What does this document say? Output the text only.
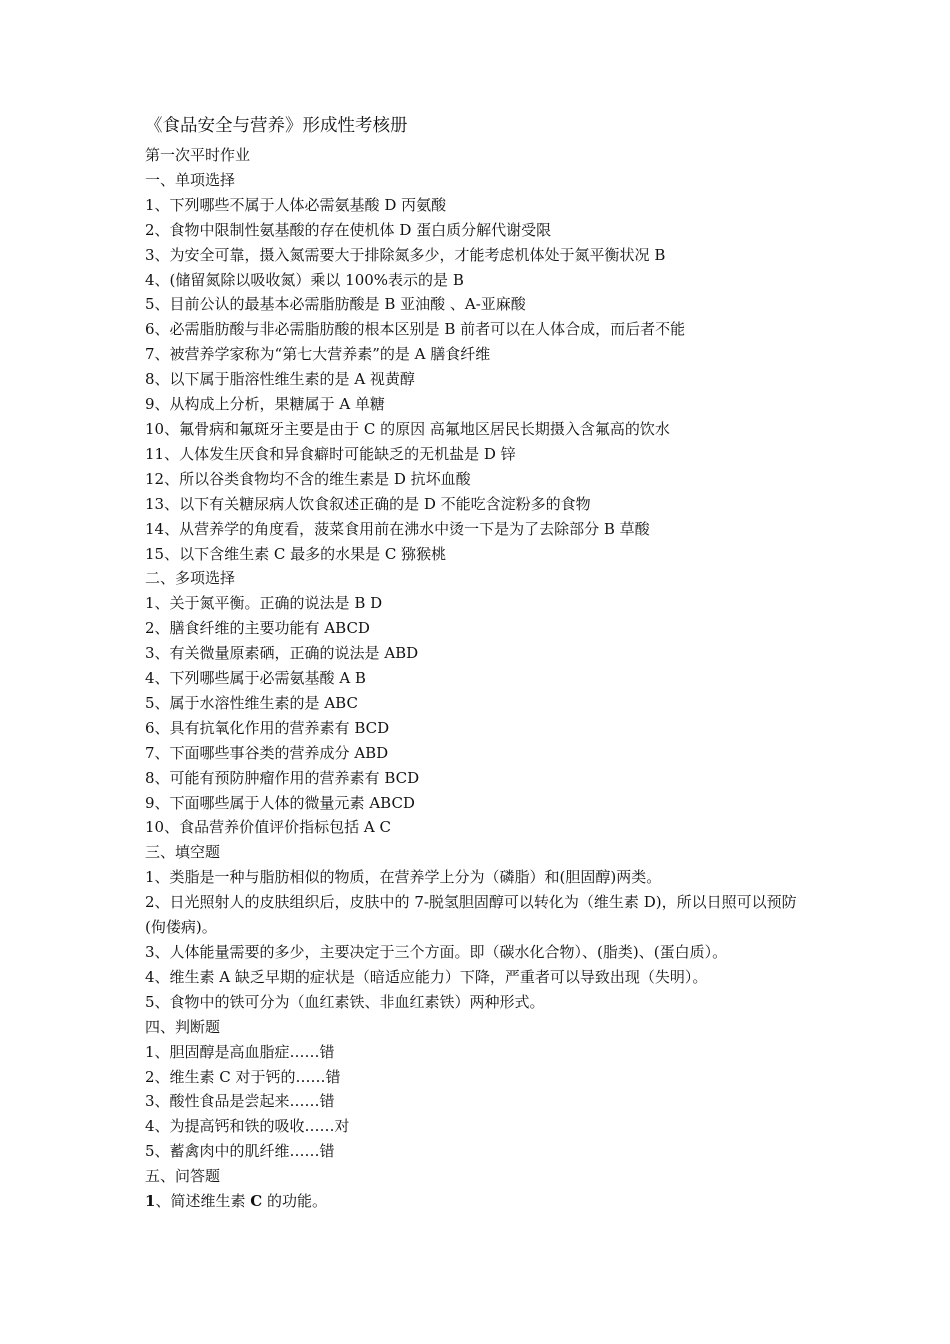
《食品安全与营养》形成性考核册
第一次平时作业
一、单项选择
1、下列哪些不属于人体必需氨基酸 D 丙氨酸
2、食物中限制性氨基酸的存在使机体 D 蛋白质分解代谢受限
3、为安全可靠，摄入氮需要大于排除氮多少，才能考虑机体处于氮平衡状况 B
4、(储留氮除以吸收氮）乘以 100%表示的是 B
5、目前公认的最基本必需脂肪酸是 B 亚油酸 、A-亚麻酸
6、必需脂肪酸与非必需脂肪酸的根本区别是 B 前者可以在人体合成，而后者不能
7、被营养学家称为“第七大营养素”的是 A 膳食纤维
8、以下属于脂溶性维生素的是 A 视黄醇
9、从构成上分析，果糖属于 A 单糖
10、氟骨病和氟斑牙主要是由于 C 的原因 高氟地区居民长期摄入含氟高的饮水
11、人体发生厌食和异食癖时可能缺乏的无机盐是 D 锌
12、所以谷类食物均不含的维生素是 D 抗坏血酸
13、以下有关糖尿病人饮食叙述正确的是 D 不能吃含淀粉多的食物
14、从营养学的角度看，菠菜食用前在沸水中烫一下是为了去除部分 B 草酸
15、以下含维生素 C 最多的水果是 C 猕猴桃
二、多项选择
1、关于氮平衡。正确的说法是 B D
2、膳食纤维的主要功能有 ABCD
3、有关微量原素硒，正确的说法是 ABD
4、下列哪些属于必需氨基酸 A B
5、属于水溶性维生素的是 ABC
6、具有抗氧化作用的营养素有 BCD
7、下面哪些事谷类的营养成分 ABD
8、可能有预防肿瘤作用的营养素有 BCD
9、下面哪些属于人体的微量元素 ABCD
10、食品营养价值评价指标包括 A C
三、填空题
1、类脂是一种与脂肪相似的物质，在营养学上分为（磷脂）和(胆固醇)两类。
2、日光照射人的皮肤组织后，皮肤中的 7-脱氢胆固醇可以转化为（维生素 D)，所以日照可以预防(佝偻病)。
3、人体能量需要的多少，主要决定于三个方面。即（碳水化合物）、(脂类)、(蛋白质）。
4、维生素 A 缺乏早期的症状是（暗适应能力）下降，严重者可以导致出现（失明）。
5、食物中的铁可分为（血红素铁、非血红素铁）两种形式。
四、判断题
1、胆固醇是高血脂症……错
2、维生素 C 对于钙的……错
3、酸性食品是尝起来……错
4、为提高钙和铁的吸收……对
5、蓄禽肉中的肌纤维……错
五、问答题
1、简述维生素 C 的功能。
